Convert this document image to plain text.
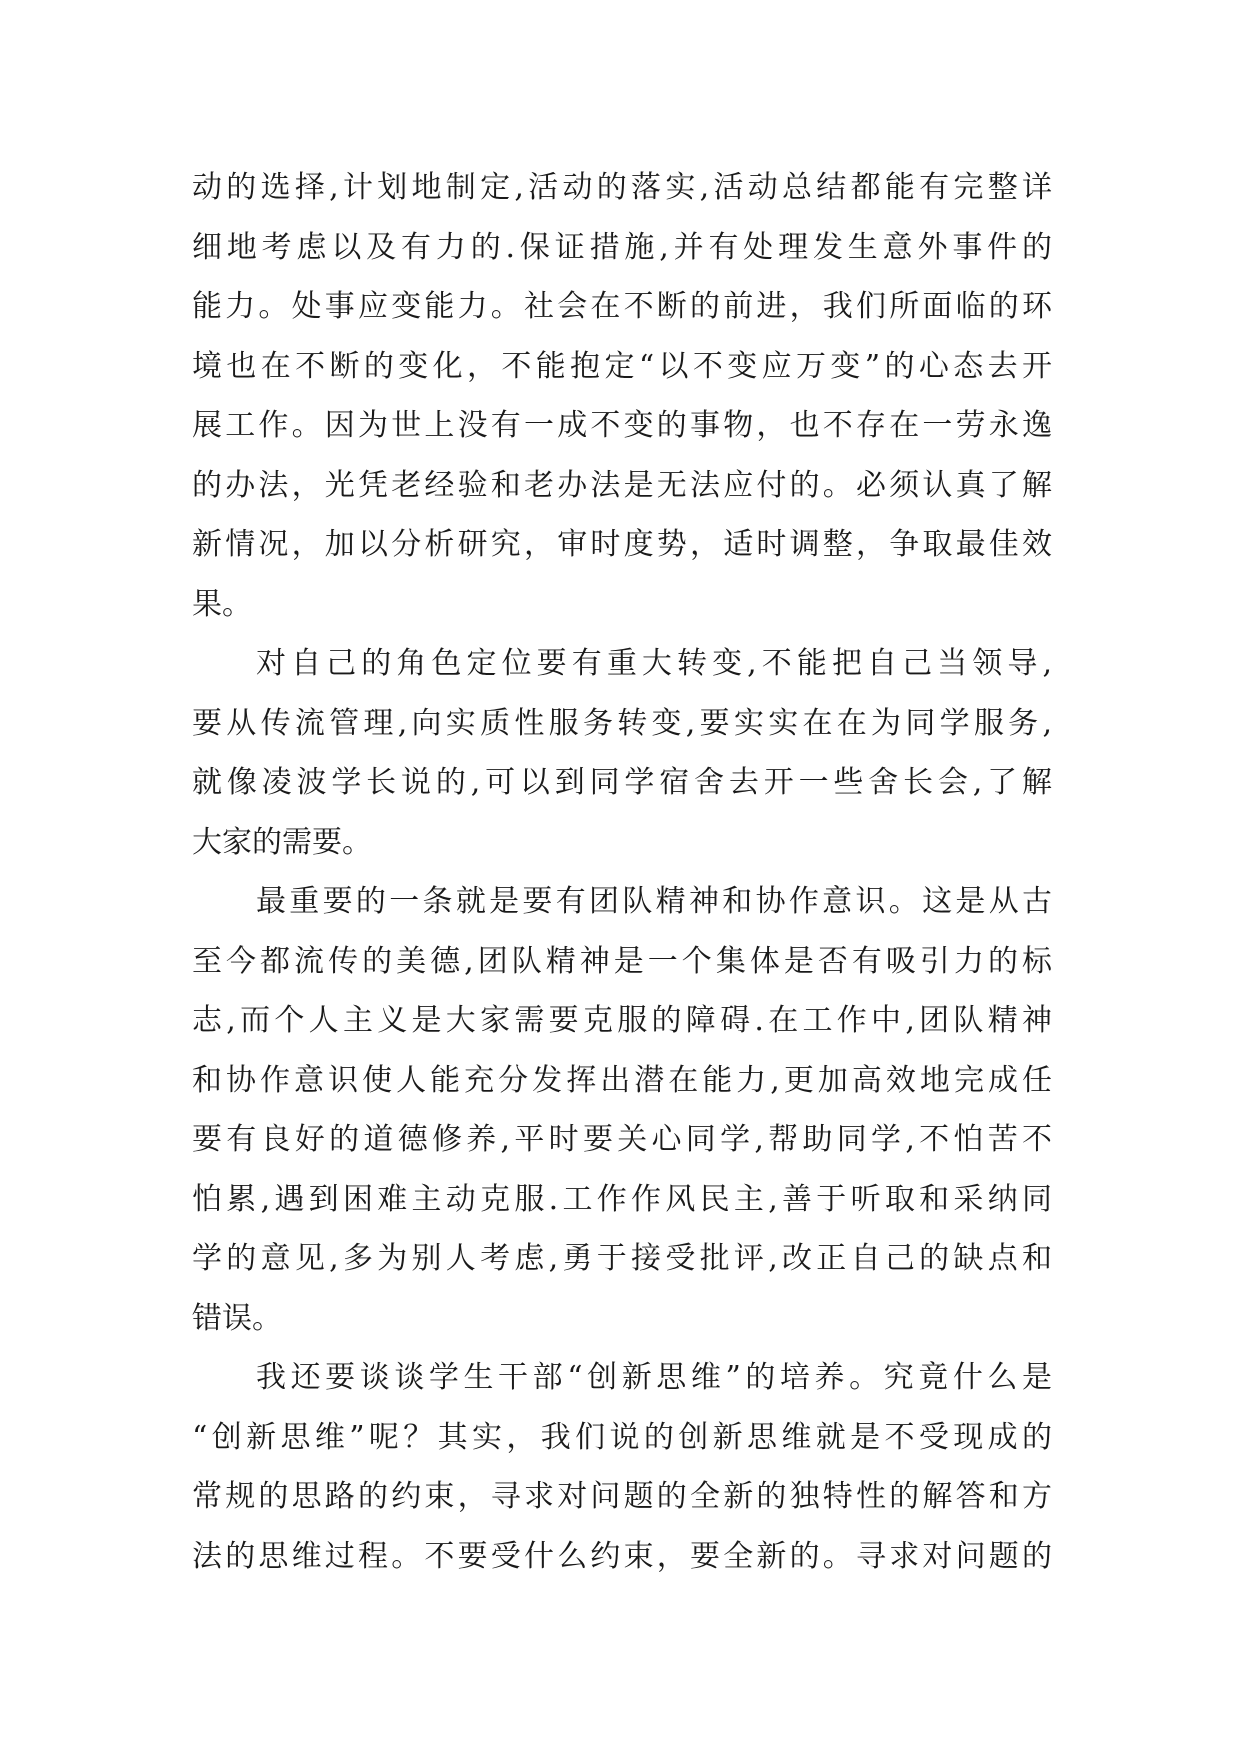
动的选择,计划地制定,活动的落实,活动总结都能有完整详
细地考虑以及有力的.保证措施,并有处理发生意外事件的
能力。处事应变能力。社会在不断的前进，我们所面临的环
境也在不断的变化，不能抱定“以不变应万变”的心态去开
展工作。因为世上没有一成不变的事物，也不存在一劳永逸
的办法，光凭老经验和老办法是无法应付的。必须认真了解
新情况，加以分析研究，审时度势，适时调整，争取最佳效
果。
对自己的角色定位要有重大转变,不能把自己当领导,
要从传流管理,向实质性服务转变,要实实在在为同学服务,
就像凌波学长说的,可以到同学宿舍去开一些舍长会,了解
大家的需要。
最重要的一条就是要有团队精神和协作意识。这是从古
至今都流传的美德,团队精神是一个集体是否有吸引力的标
志,而个人主义是大家需要克服的障碍.在工作中,团队精神
和协作意识使人能充分发挥出潜在能力,更加高效地完成任
要有良好的道德修养,平时要关心同学,帮助同学,不怕苦不
怕累,遇到困难主动克服.工作作风民主,善于听取和采纳同
学的意见,多为别人考虑,勇于接受批评,改正自己的缺点和
错误。
我还要谈谈学生干部“创新思维”的培养。究竟什么是
“创新思维”呢？其实，我们说的创新思维就是不受现成的
常规的思路的约束，寻求对问题的全新的独特性的解答和方
法的思维过程。不要受什么约束，要全新的。寻求对问题的
